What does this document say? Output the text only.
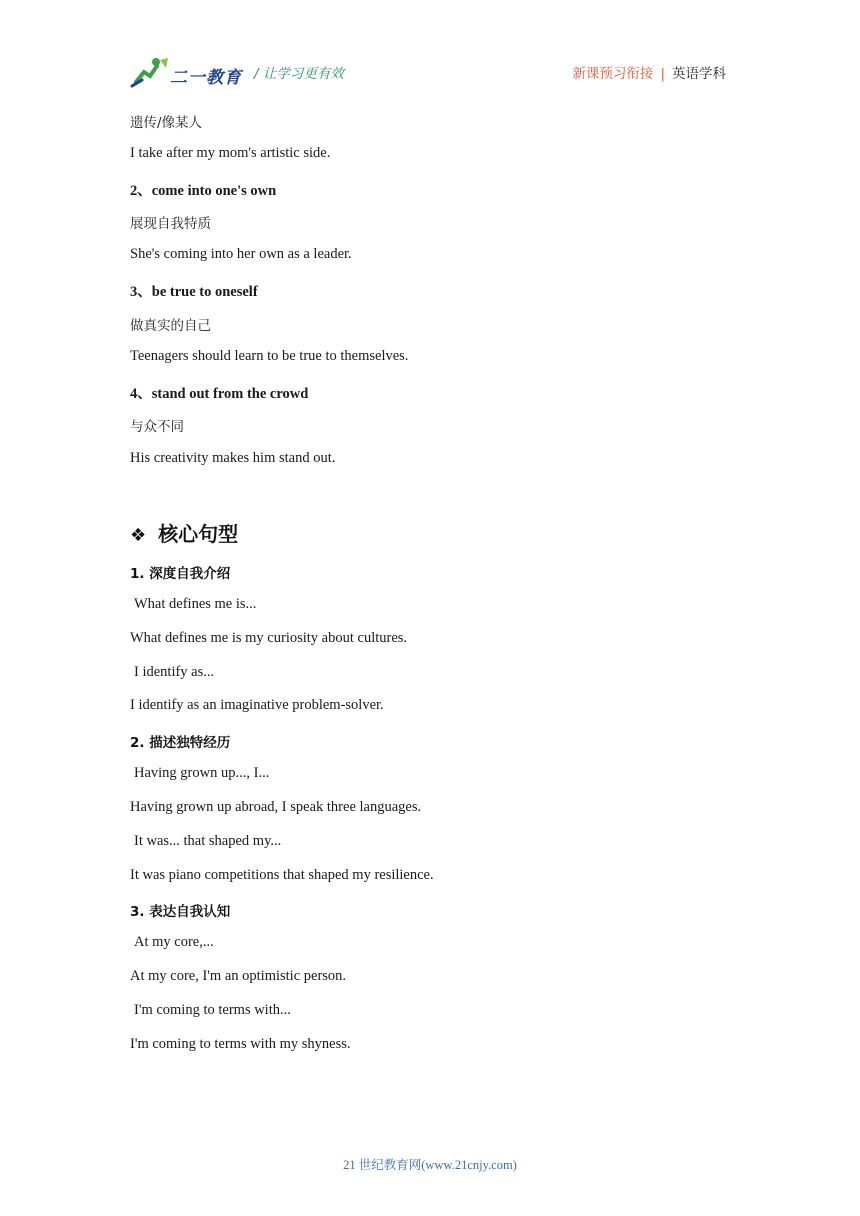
二一教育 / 让学习更有效	新课预习衔接 | 英语学科
遗传/像某人
I take after my mom's artistic side.
2、come into one's own
展现自我特质
She's coming into her own as a leader.
3、be true to oneself
做真实的自己
Teenagers should learn to be true to themselves.
4、stand out from the crowd
与众不同
His creativity makes him stand out.
❖ 核心句型
1. 深度自我介绍
What defines me is...
What defines me is my curiosity about cultures.
I identify as...
I identify as an imaginative problem-solver.
2. 描述独特经历
Having grown up..., I...
Having grown up abroad, I speak three languages.
It was... that shaped my...
It was piano competitions that shaped my resilience.
3. 表达自我认知
At my core,...
At my core, I'm an optimistic person.
I'm coming to terms with...
I'm coming to terms with my shyness.
21 世纪教育网(www.21cnjy.com)
